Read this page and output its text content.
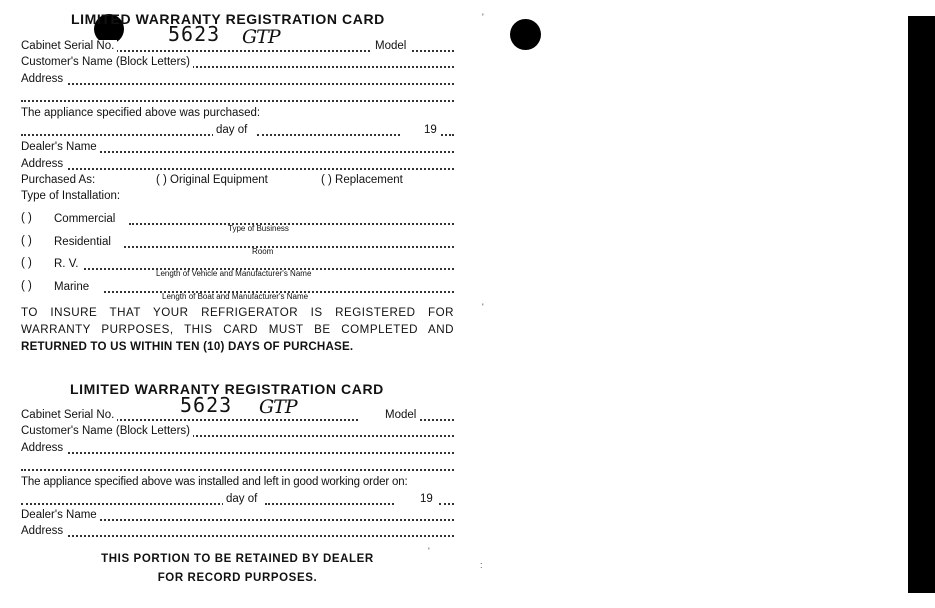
LIMITED WARRANTY REGISTRATION CARD
Cabinet Serial No.	Model
5623 GTP
Customer's Name (Block Letters)
Address
The appliance specified above was purchased:
day of	19
Dealer's Name
Address
Purchased As:	( ) Original Equipment	( ) Replacement
Type of Installation:
( ) Commercial
Type of Business
( ) Residential
Room
( ) R. V.
Length of Vehicle and Manufacturer's Name
( ) Marine
Length of Boat and Manufacturer's Name
TO INSURE THAT YOUR REFRIGERATOR IS REGISTERED FOR
WARRANTY PURPOSES, THIS CARD MUST BE COMPLETED AND
RETURNED TO US WITHIN TEN (10) DAYS OF PURCHASE.
LIMITED WARRANTY REGISTRATION CARD
Cabinet Serial No.	Model
5623 GTP
Customer's Name (Block Letters)
Address
The appliance specified above was installed and left in good working order on:
day of	19
Dealer's Name
Address
THIS PORTION TO BE RETAINED BY DEALER
FOR RECORD PURPOSES.
'
'
:
'
